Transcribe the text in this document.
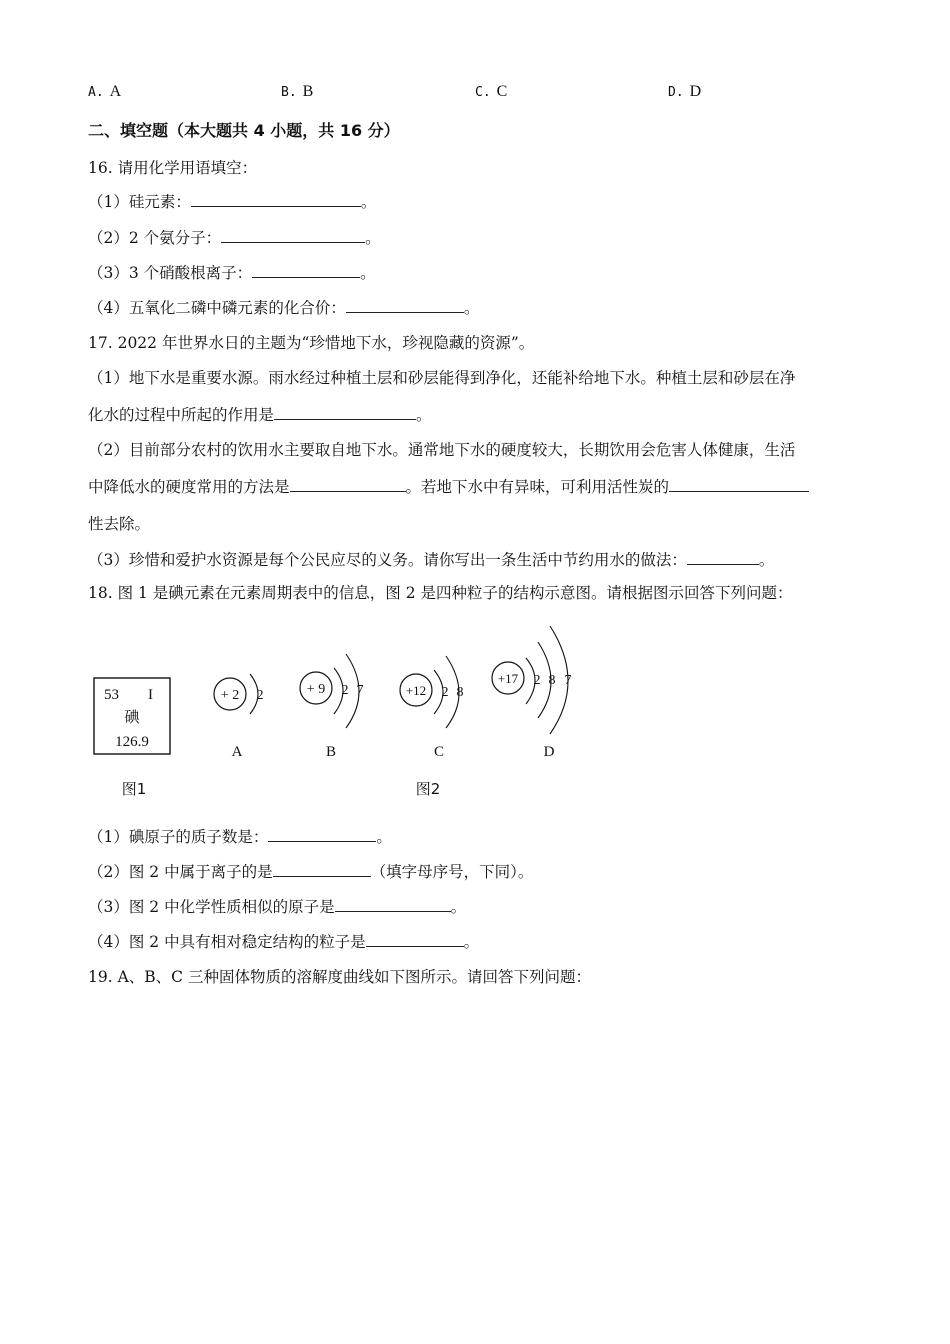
A. A	B. B	C. C	D. D
二、填空题（本大题共 4 小题，共 16 分）
16. 请用化学用语填空：
（1）硅元素：	。
（2）2 个氨分子：	。
（3）3 个硝酸根离子：	。
（4）五氧化二磷中磷元素的化合价：	。
17. 2022 年世界水日的主题为“珍惜地下水，珍视隐藏的资源”。
（1）地下水是重要水源。雨水经过种植土层和砂层能得到净化，还能补给地下水。种植土层和砂层在净
化水的过程中所起的作用是	。
（2）目前部分农村的饮用水主要取自地下水。通常地下水的硬度较大，长期饮用会危害人体健康，生活
中降低水的硬度常用的方法是	。若地下水中有异味，可利用活性炭的
性去除。
（3）珍惜和爱护水资源是每个公民应尽的义务。请你写出一条生活中节约用水的做法：	。
18. 图 1 是碘元素在元素周期表中的信息，图 2 是四种粒子的结构示意图。请根据图示回答下列问题：
53 I
碘
126.9
图1
+ 2 2
A
+ 9 2 7
B
+12 2 8
C
+17 2 8 7
D
图2
（1）碘原子的质子数是：	。
（2）图 2 中属于离子的是	（填字母序号，下同）。
（3）图 2 中化学性质相似的原子是	。
（4）图 2 中具有相对稳定结构的粒子是	。
19. A、B、C 三种固体物质的溶解度曲线如下图所示。请回答下列问题：
